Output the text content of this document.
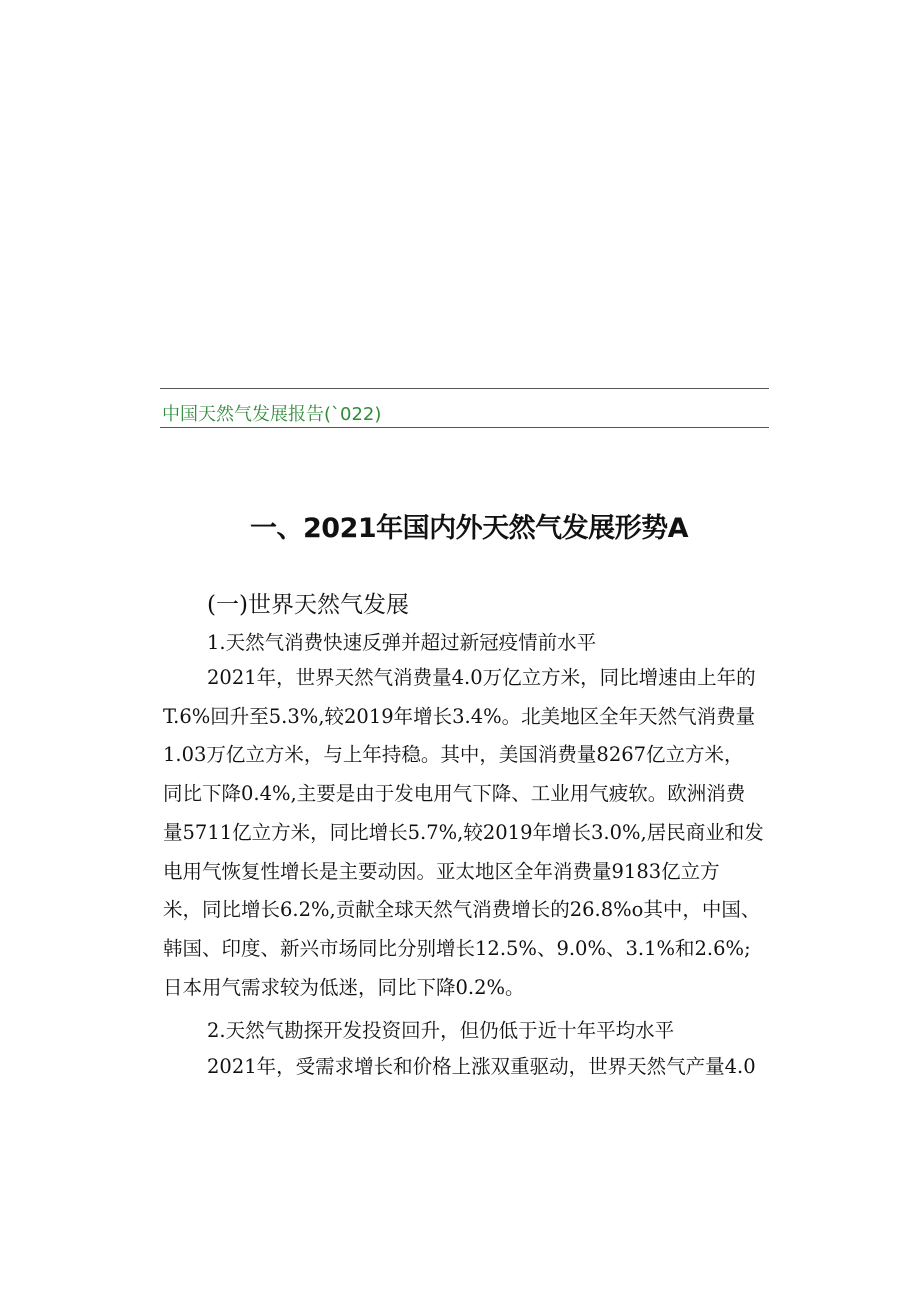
中国天然气发展报告(`022)
一、2021年国内外天然气发展形势A
(一)世界天然气发展
1.天然气消费快速反弹并超过新冠疫情前水平
2021年，世界天然气消费量4.0万亿立方米，同比增速由上年的
T.6%回升至5.3%,较2019年增长3.4%。北美地区全年天然气消费量
1.03万亿立方米，与上年持稳。其中，美国消费量8267亿立方米，
同比下降0.4%,主要是由于发电用气下降、工业用气疲软。欧洲消费
量5711亿立方米，同比增长5.7%,较2019年增长3.0%,居民商业和发
电用气恢复性增长是主要动因。亚太地区全年消费量9183亿立方
米，同比增长6.2%,贡献全球天然气消费增长的26.8%o其中，中国、
韩国、印度、新兴市场同比分别增长12.5%、9.0%、3.1%和2.6%;
日本用气需求较为低迷，同比下降0.2%。
2.天然气勘探开发投资回升，但仍低于近十年平均水平
2021年，受需求增长和价格上涨双重驱动，世界天然气产量4.0
